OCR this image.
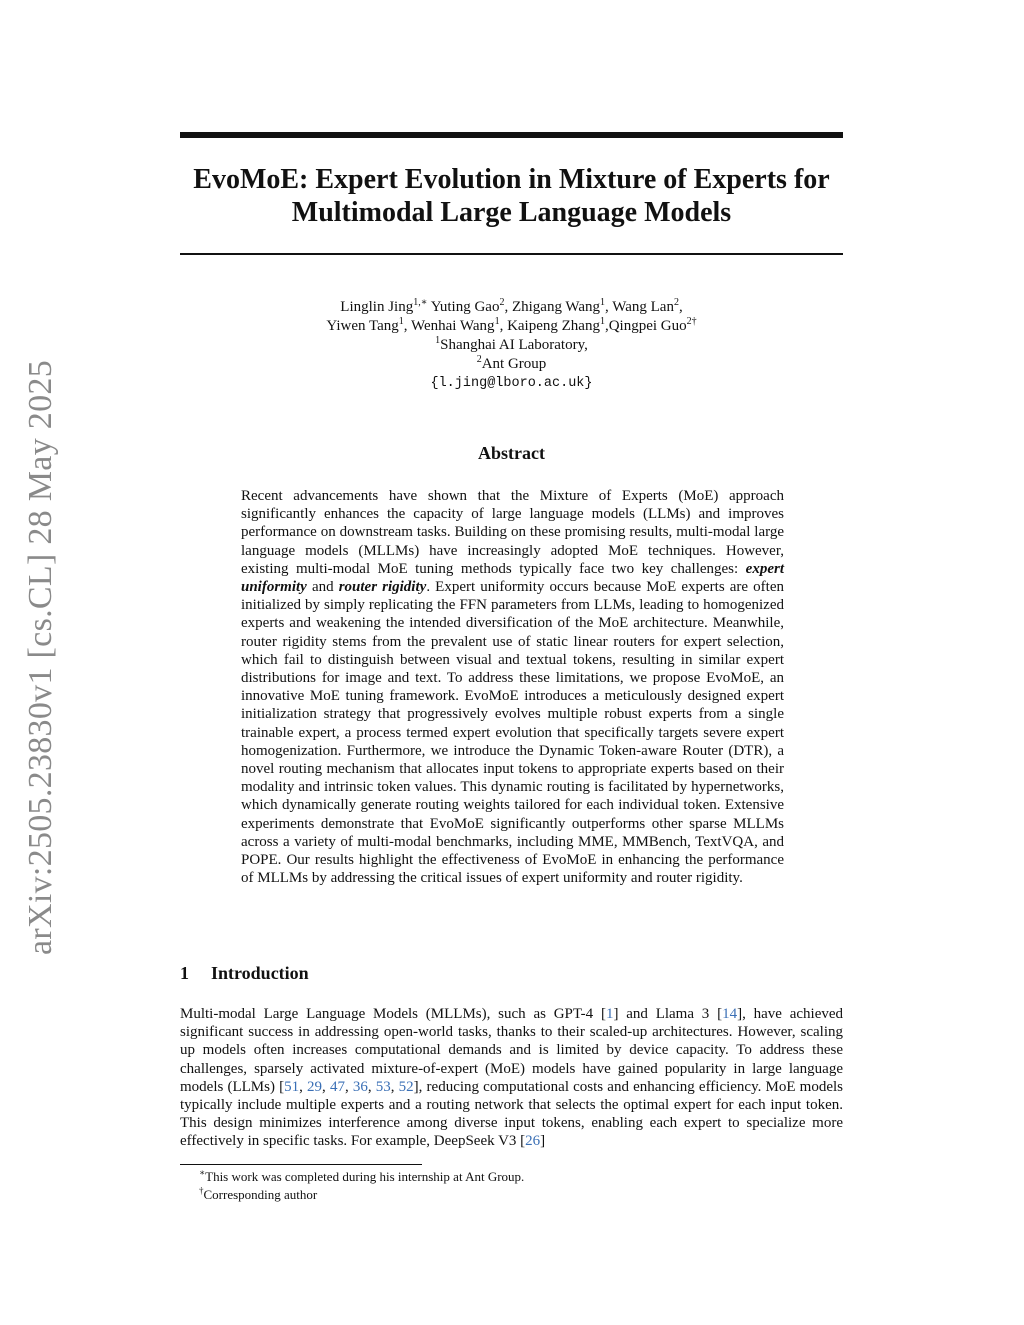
arXiv:2505.23830v1 [cs.CL] 28 May 2025
EvoMoE: Expert Evolution in Mixture of Experts for
Multimodal Large Language Models
Linglin Jing$^{1,∗}$ Yuting Gao$^2$, Zhigang Wang$^1$, Wang Lan$^2$,
Yiwen Tang$^1$, Wenhai Wang$^1$, Kaipeng Zhang$^1$,Qingpei Guo$^{2\dagger}$
$^1$Shanghai AI Laboratory,
$^2$Ant Group
{l.jing@lboro.ac.uk}
Abstract
Recent advancements have shown that the Mixture of Experts (MoE) approach significantly enhances the capacity of large language models (LLMs) and improves performance on downstream tasks. Building on these promising results, multi-modal large language models (MLLMs) have increasingly adopted MoE techniques. However, existing multi-modal MoE tuning methods typically face two key challenges: expert uniformity and router rigidity. Expert uniformity occurs because MoE experts are often initialized by simply replicating the FFN parameters from LLMs, leading to homogenized experts and weakening the intended diversification of the MoE architecture. Meanwhile, router rigidity stems from the prevalent use of static linear routers for expert selection, which fail to distinguish between visual and textual tokens, resulting in similar expert distributions for image and text. To address these limitations, we propose EvoMoE, an innovative MoE tuning framework. EvoMoE introduces a meticulously designed expert initialization strategy that progressively evolves multiple robust experts from a single trainable expert, a process termed expert evolution that specifically targets severe expert homogenization. Furthermore, we introduce the Dynamic Token-aware Router (DTR), a novel routing mechanism that allocates input tokens to appropriate experts based on their modality and intrinsic token values. This dynamic routing is facilitated by hypernetworks, which dynamically generate routing weights tailored for each individual token. Extensive experiments demonstrate that EvoMoE significantly outperforms other sparse MLLMs across a variety of multi-modal benchmarks, including MME, MMBench, TextVQA, and POPE. Our results highlight the effectiveness of EvoMoE in enhancing the performance of MLLMs by addressing the critical issues of expert uniformity and router rigidity.
1 Introduction
Multi-modal Large Language Models (MLLMs), such as GPT-4 [1] and Llama 3 [14], have achieved significant success in addressing open-world tasks, thanks to their scaled-up architectures. However, scaling up models often increases computational demands and is limited by device capacity. To address these challenges, sparsely activated mixture-of-expert (MoE) models have gained popularity in large language models (LLMs) [51, 29, 47, 36, 53, 52], reducing computational costs and enhancing efficiency. MoE models typically include multiple experts and a routing network that selects the optimal expert for each input token. This design minimizes interference among diverse input tokens, enabling each expert to specialize more effectively in specific tasks. For example, DeepSeek V3 [26]
∗This work was completed during his internship at Ant Group.
†Corresponding author
